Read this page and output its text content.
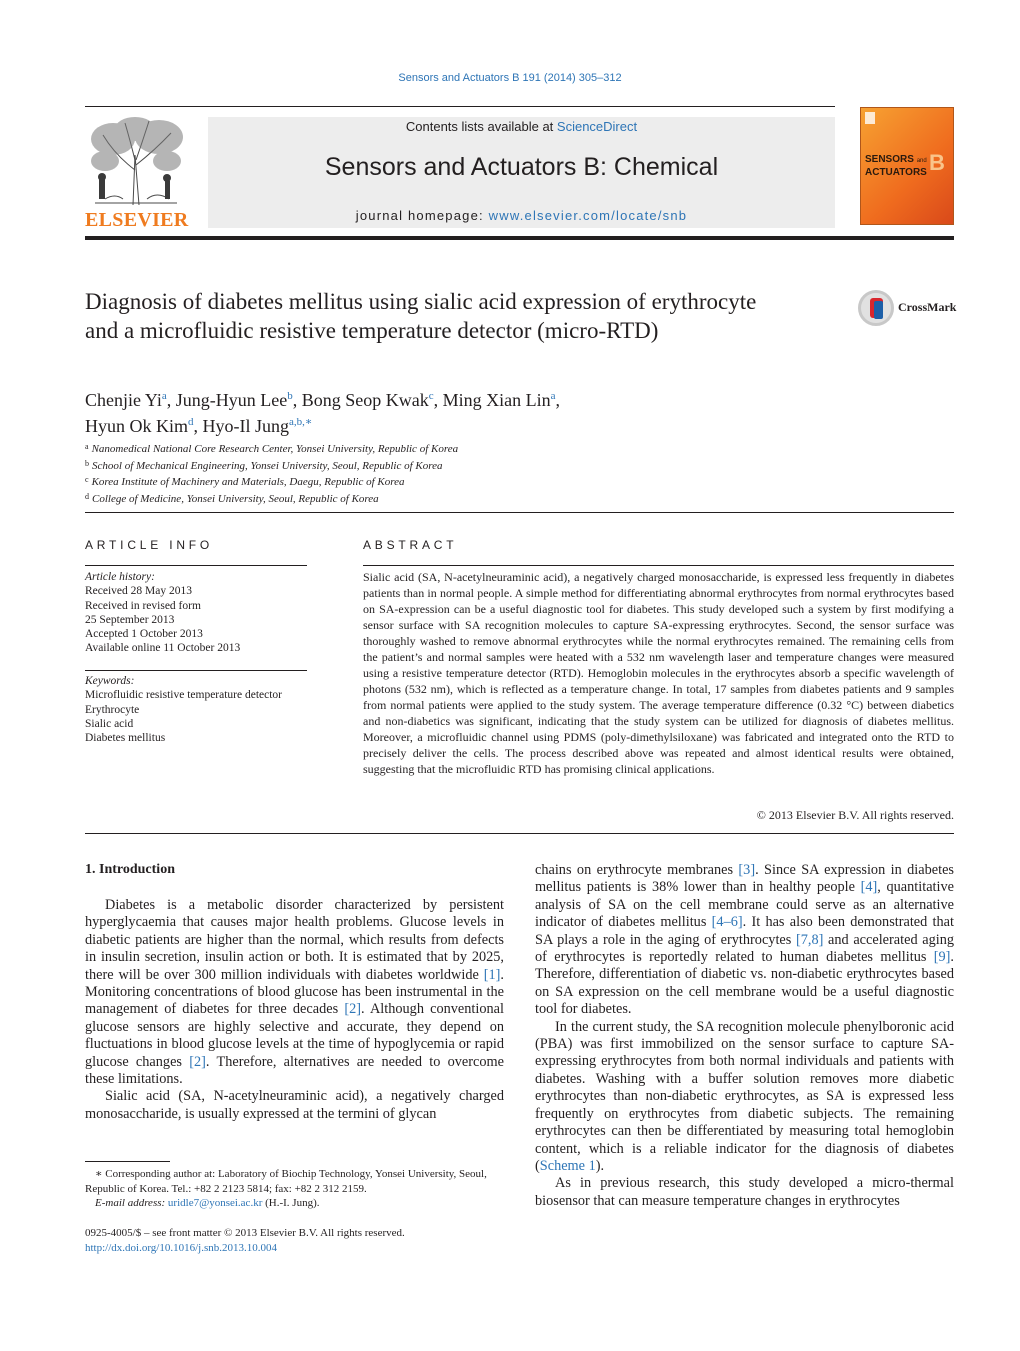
Sensors and Actuators B 191 (2014) 305–312
ELSEVIER
Contents lists available at ScienceDirect
Sensors and Actuators B: Chemical
journal homepage: www.elsevier.com/locate/snb
SENSORS and
ACTUATORS B
Diagnosis of diabetes mellitus using sialic acid expression of erythrocyte and a microfluidic resistive temperature detector (micro-RTD)
CrossMark
Chenjie Yi$^a$, Jung-Hyun Lee$^b$, Bong Seop Kwak$^c$, Ming Xian Lin$^a$,
Hyun Ok Kim$^d$, Hyo-Il Jung$^{a,b,∗}$
$^a$ Nanomedical National Core Research Center, Yonsei University, Republic of Korea
$^b$ School of Mechanical Engineering, Yonsei University, Seoul, Republic of Korea
$^c$ Korea Institute of Machinery and Materials, Daegu, Republic of Korea
$^d$ College of Medicine, Yonsei University, Seoul, Republic of Korea
ARTICLE INFO
Article history:
Received 28 May 2013
Received in revised form
25 September 2013
Accepted 1 October 2013
Available online 11 October 2013
Keywords:
Microfluidic resistive temperature detector
Erythrocyte
Sialic acid
Diabetes mellitus
ABSTRACT
Sialic acid (SA, N-acetylneuraminic acid), a negatively charged monosaccharide, is expressed less frequently in diabetes patients than in normal people. A simple method for differentiating abnormal erythrocytes from normal erythrocytes based on SA-expression can be a useful diagnostic tool for diabetes. This study developed such a system by first modifying a sensor surface with SA recognition molecules to capture SA-expressing erythrocytes. Second, the sensor surface was thoroughly washed to remove abnormal erythrocytes while the normal erythrocytes remained. The remaining cells from the patient’s and normal samples were heated with a 532 nm wavelength laser and temperature changes were measured using a resistive temperature detector (RTD). Hemoglobin molecules in the erythrocytes absorb a specific wavelength of photons (532 nm), which is reflected as a temperature change. In total, 17 samples from diabetes patients and 9 samples from normal patients were applied to the study system. The average temperature difference (0.32 °C) between diabetics and non-diabetics was significant, indicating that the study system can be utilized for diagnosis of diabetes mellitus. Moreover, a microfluidic channel using PDMS (poly-dimethylsiloxane) was fabricated and integrated onto the RTD to precisely deliver the cells. The process described above was repeated and almost identical results were obtained, suggesting that the microfluidic RTD has promising clinical applications.
© 2013 Elsevier B.V. All rights reserved.
1. Introduction

Diabetes is a metabolic disorder characterized by persistent hyperglycaemia that causes major health problems. Glucose levels in diabetic patients are higher than the normal, which results from defects in insulin secretion, insulin action or both. It is estimated that by 2025, there will be over 300 million individuals with diabetes worldwide [1]. Monitoring concentrations of blood glucose has been instrumental in the management of diabetes for three decades [2]. Although conventional glucose sensors are highly selective and accurate, they depend on fluctuations in blood glucose levels at the time of hypoglycemia or rapid glucose changes [2]. Therefore, alternatives are needed to overcome these limitations.

Sialic acid (SA, N-acetylneuraminic acid), a negatively charged monosaccharide, is usually expressed at the termini of glycan

chains on erythrocyte membranes [3]. Since SA expression in diabetes mellitus patients is 38% lower than in healthy people [4], quantitative analysis of SA on the cell membrane could serve as an alternative indicator of diabetes mellitus [4–6]. It has also been demonstrated that SA plays a role in the aging of erythrocytes [7,8] and accelerated aging of erythrocytes is reportedly related to human diabetes mellitus [9]. Therefore, differentiation of diabetic vs. non-diabetic erythrocytes based on SA expression on the cell membrane would be a useful diagnostic tool for diabetes.

In the current study, the SA recognition molecule phenylboronic acid (PBA) was first immobilized on the sensor surface to capture SA-expressing erythrocytes from both normal individuals and patients with diabetes. Washing with a buffer solution removes more diabetic erythrocytes than non-diabetic erythrocytes, as SA is expressed less frequently on erythrocytes from diabetic subjects. The remaining erythrocytes can then be differentiated by measuring total hemoglobin content, which is a reliable indicator for the diagnosis of diabetes (Scheme 1).

As in previous research, this study developed a micro-thermal biosensor that can measure temperature changes in erythrocytes

∗ Corresponding author at: Laboratory of Biochip Technology, Yonsei University, Seoul, Republic of Korea. Tel.: +82 2 2123 5814; fax: +82 2 312 2159.
E-mail address: uridle7@yonsei.ac.kr (H.-I. Jung).
0925-4005/$ – see front matter © 2013 Elsevier B.V. All rights reserved.
http://dx.doi.org/10.1016/j.snb.2013.10.004
